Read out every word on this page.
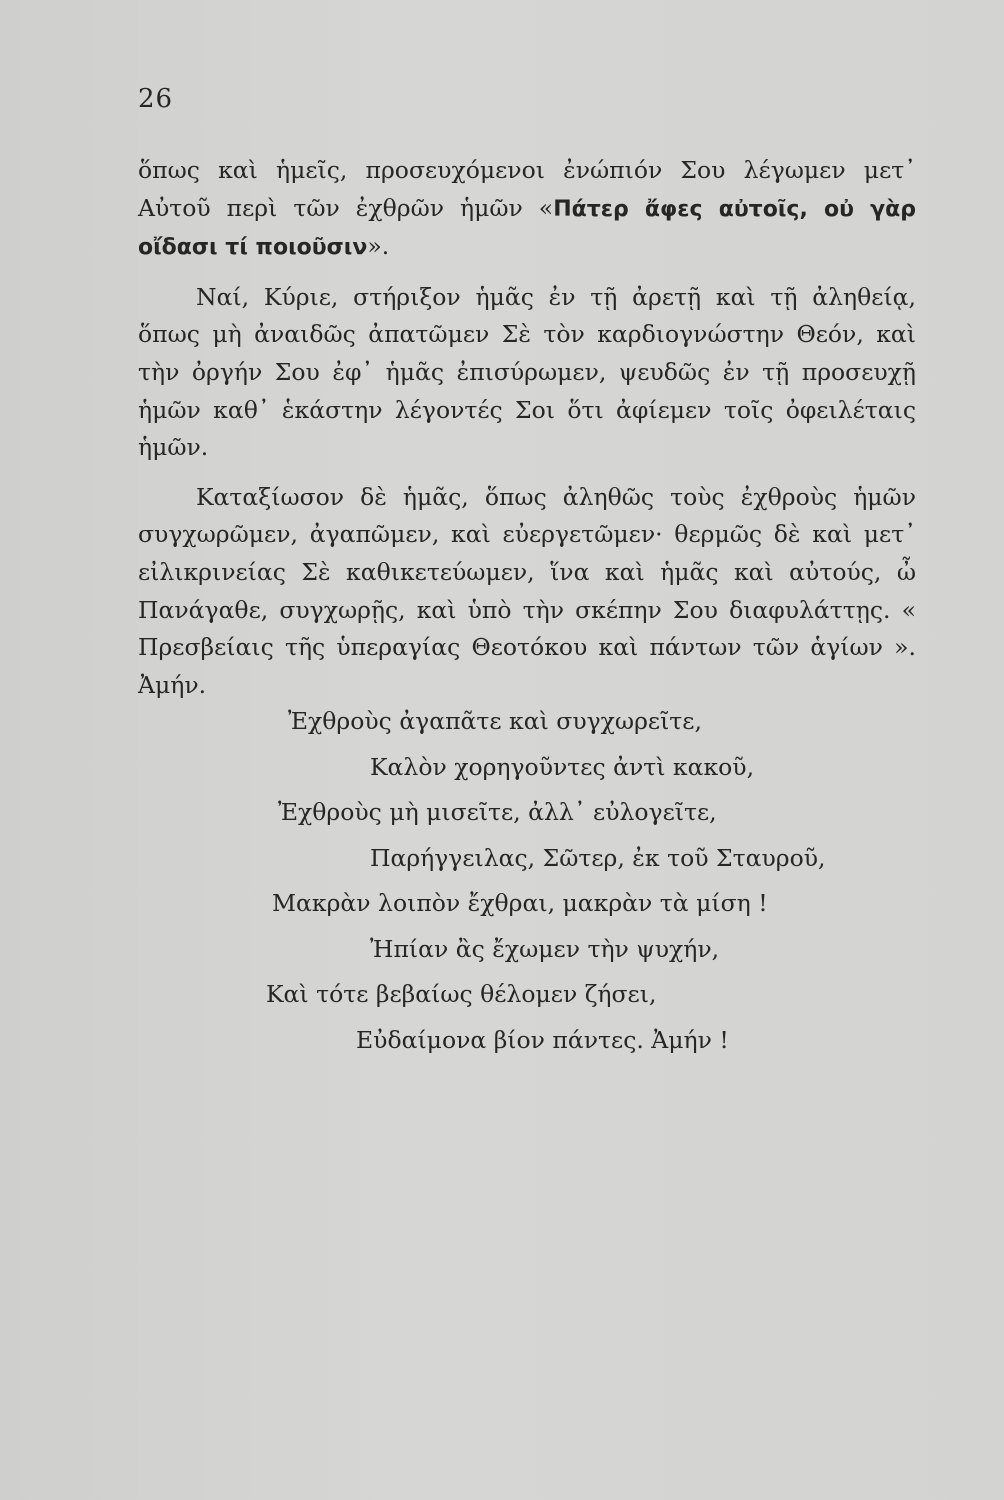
26

ὅπως καὶ ἡμεῖς, προσευχόμενοι ἐνώπιόν Σου λέγωμεν μετ᾽ Αὐτοῦ περὶ τῶν ἐχθρῶν ἡμῶν «Πάτερ ἄφες αὐτοῖς, οὐ γὰρ οἴδασι τί ποιοῦσιν».

Ναί, Κύριε, στήριξον ἡμᾶς ἐν τῇ ἀρετῇ καὶ τῇ ἀληθείᾳ, ὅπως μὴ ἀναιδῶς ἀπατῶμεν Σὲ τὸν καρδιογνώστην Θεόν, καὶ τὴν ὀργήν Σου ἐφ᾽ ἡμᾶς ἐπισύρωμεν, ψευδῶς ἐν τῇ προσευχῇ ἡμῶν καθ᾽ ἑκάστην λέγοντές Σοι ὅτι ἀφίεμεν τοῖς ὀφειλέταις ἡμῶν.

Καταξίωσον δὲ ἡμᾶς, ὅπως ἀληθῶς τοὺς ἐχθροὺς ἡμῶν συγχωρῶμεν, ἀγαπῶμεν, καὶ εὐεργετῶμεν· θερμῶς δὲ καὶ μετ᾽ εἰλικρινείας Σὲ καθικετεύωμεν, ἵνα καὶ ἡμᾶς καὶ αὐτούς, ὦ Πανάγαθε, συγχωρῇς, καὶ ὑπὸ τὴν σκέπην Σου διαφυλάττῃς. « Πρεσβείαις τῆς ὑπεραγίας Θεοτόκου καὶ πάντων τῶν ἁγίων ». Ἀμήν.

Ἐχθροὺς ἀγαπᾶτε καὶ συγχωρεῖτε,
Καλὸν χορηγοῦντες ἀντὶ κακοῦ,
Ἐχθροὺς μὴ μισεῖτε, ἀλλ᾽ εὐλογεῖτε,
Παρήγγειλας, Σῶτερ, ἐκ τοῦ Σταυροῦ,
Μακρὰν λοιπὸν ἔχθραι, μακρὰν τὰ μίση !
Ἠπίαν ἂς ἔχωμεν τὴν ψυχήν,
Καὶ τότε βεβαίως θέλομεν ζήσει,
Εὐδαίμονα βίον πάντες. Ἀμήν !
